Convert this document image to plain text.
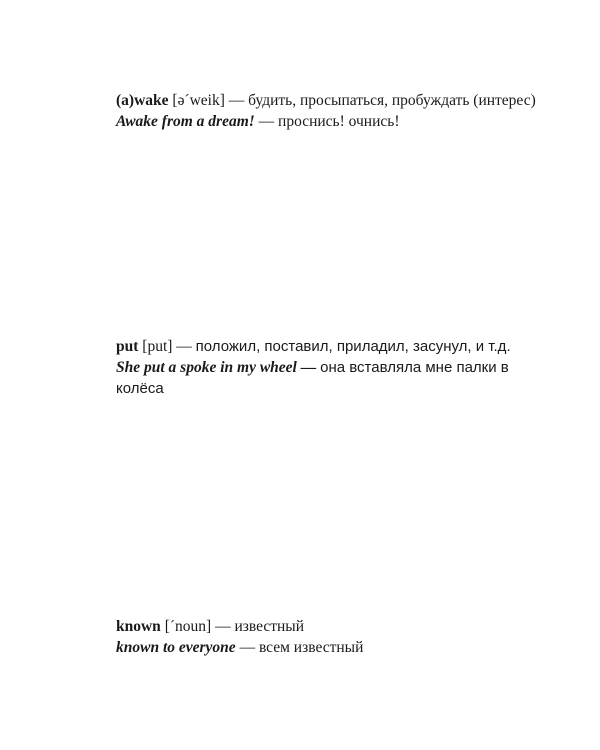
(a)wake [əˊweik] — будить, просыпаться, пробуждать (интерес)

Awake from a dream! — проснись! очнись!

put [put] — положил, поставил, приладил, засунул, и т.д.

She put a spoke in my wheel — она вставляла мне палки в колёса

known [ˊnoun] — известный

known to everyone — всем известный
